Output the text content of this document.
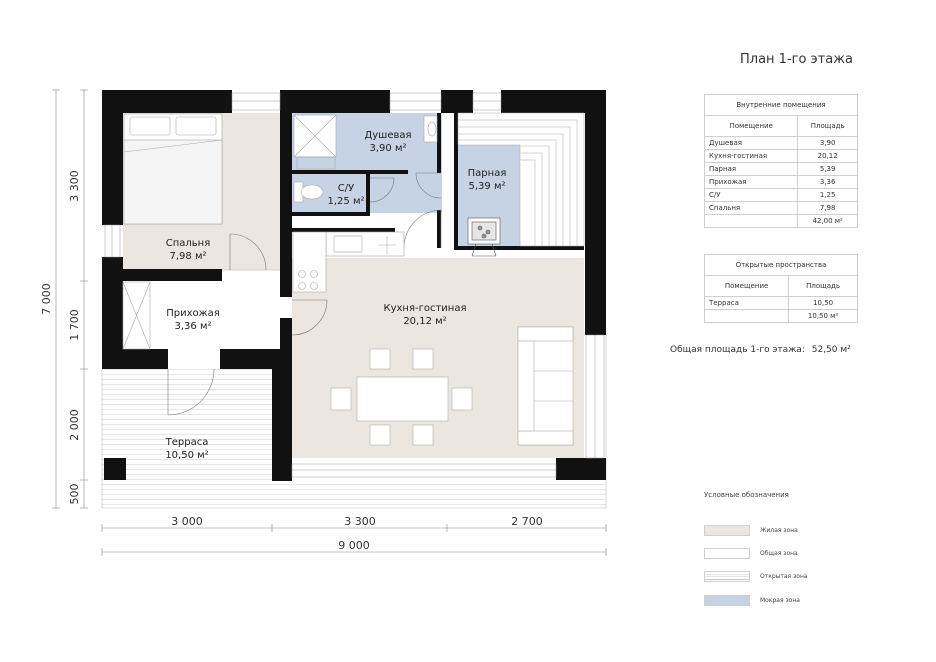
Спальня
7,98 м²
Прихожая
3,36 м²
Терраса
10,50 м²
Душевая
3,90 м²
С/У
1,25 м²
Парная
5,39 м²
Кухня-гостиная
20,12 м²
7 000
3 300
1 700
2 000
500
3 000	3 300	2 700
9 000
План 1-го этажа
Внутренние помещения	
Помещение	Площадь
Душевая	3,90
Кухня-гостиная	20,12
Парная	5,39
Прихожая	3,36
С/У	1,25
Спальня	7,98
	42,00 м²
Открытые пространства	
Помещение	Площадь
Терраса	10,50
	10,50 м²
Общая площадь 1-го этажа: 52,50 м²
Условные обозначения
Жилая зона
Общая зона
Открытая зона
Мокрая зона
